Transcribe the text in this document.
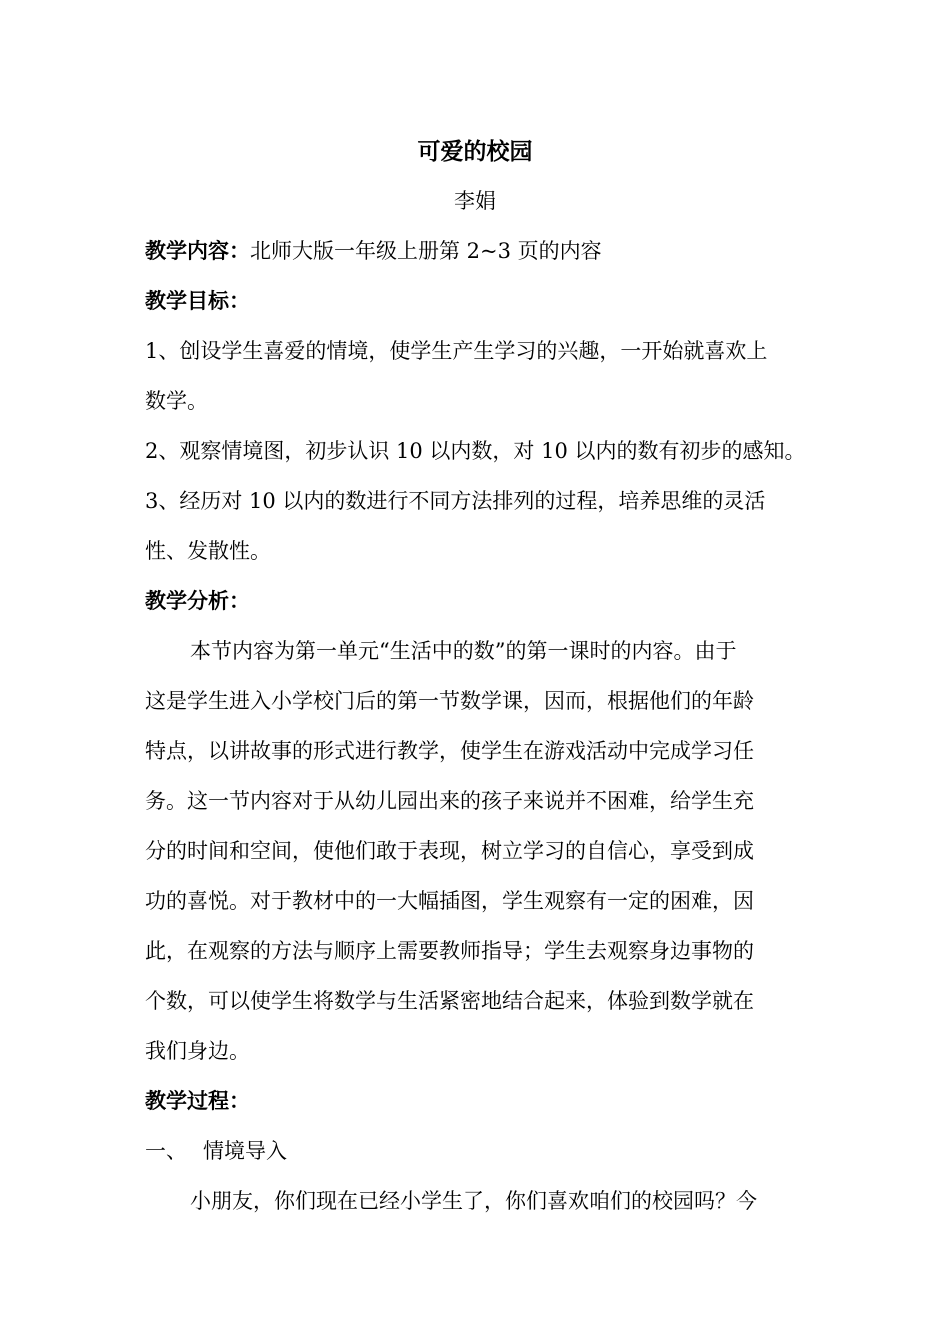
可爱的校园
李娟
教学内容：北师大版一年级上册第 2~3 页的内容
教学目标：
1、创设学生喜爱的情境，使学生产生学习的兴趣，一开始就喜欢上
数学。
2、观察情境图，初步认识 10 以内数，对 10 以内的数有初步的感知。
3、经历对 10 以内的数进行不同方法排列的过程，培养思维的灵活
性、发散性。
教学分析：
本节内容为第一单元“生活中的数”的第一课时的内容。由于
这是学生进入小学校门后的第一节数学课，因而，根据他们的年龄
特点，以讲故事的形式进行教学，使学生在游戏活动中完成学习任
务。这一节内容对于从幼儿园出来的孩子来说并不困难，给学生充
分的时间和空间，使他们敢于表现，树立学习的自信心，享受到成
功的喜悦。对于教材中的一大幅插图，学生观察有一定的困难，因
此，在观察的方法与顺序上需要教师指导；学生去观察身边事物的
个数，可以使学生将数学与生活紧密地结合起来，体验到数学就在
我们身边。
教学过程：
一、 情境导入
小朋友，你们现在已经小学生了，你们喜欢咱们的校园吗？今
